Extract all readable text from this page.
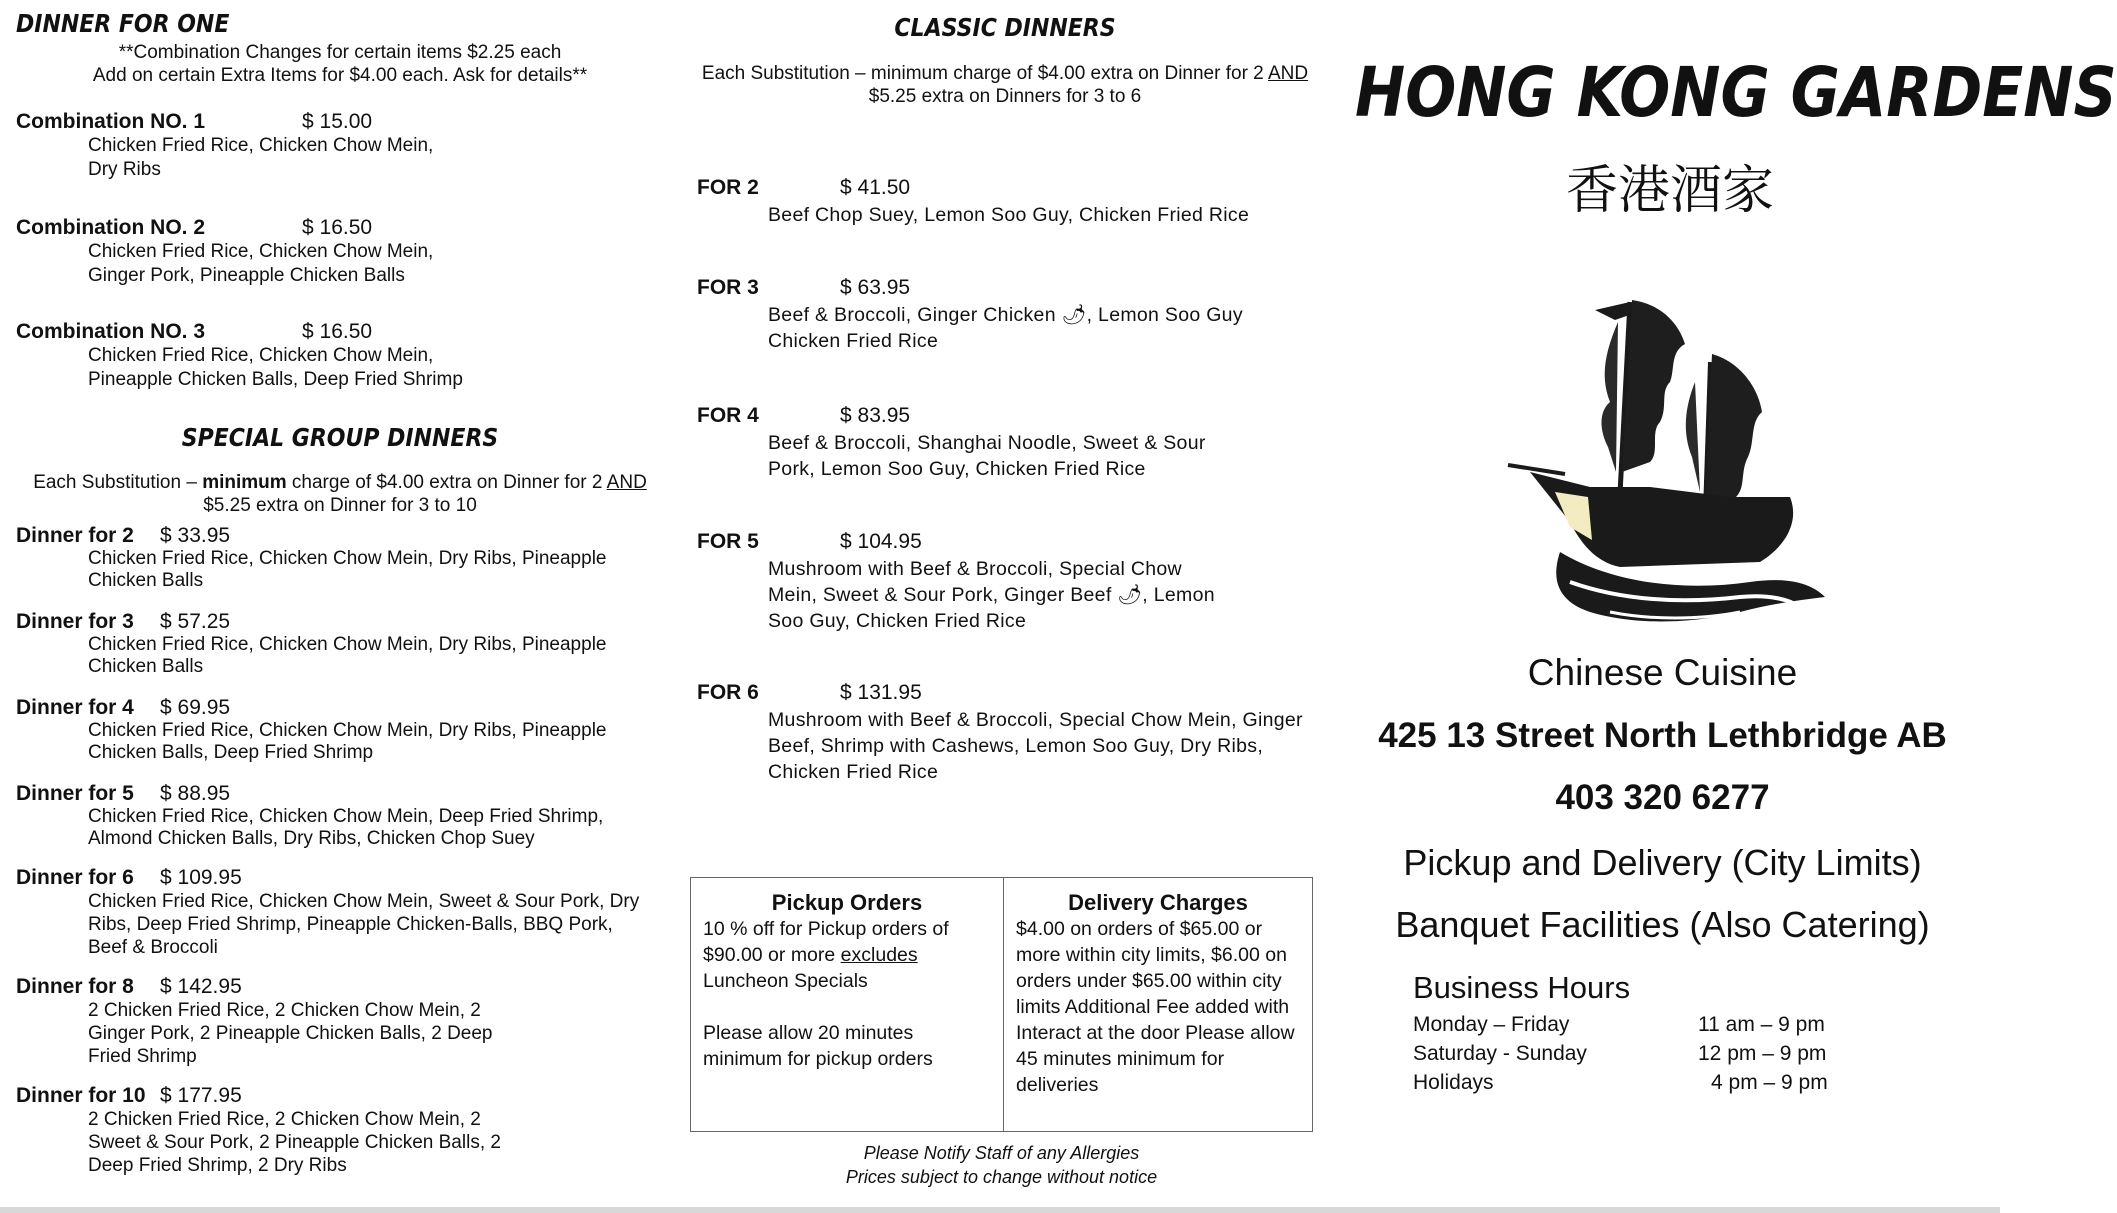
DINNER FOR ONE
**Combination Changes for certain items $2.25 each
Add on certain Extra Items for $4.00 each. Ask for details**
Combination NO. 1	$ 15.00
Chicken Fried Rice, Chicken Chow Mein, Dry Ribs
Combination NO. 2	$ 16.50
Chicken Fried Rice, Chicken Chow Mein, Ginger Pork, Pineapple Chicken Balls
Combination NO. 3	$ 16.50
Chicken Fried Rice, Chicken Chow Mein, Pineapple Chicken Balls, Deep Fried Shrimp
SPECIAL GROUP DINNERS
Each Substitution – minimum charge of $4.00 extra on Dinner for 2 AND
$5.25 extra on Dinner for 3 to 10
Dinner for 2 $ 33.95
Chicken Fried Rice, Chicken Chow Mein, Dry Ribs, Pineapple Chicken Balls
Dinner for 3 $ 57.25
Chicken Fried Rice, Chicken Chow Mein, Dry Ribs, Pineapple Chicken Balls
Dinner for 4 $ 69.95
Chicken Fried Rice, Chicken Chow Mein, Dry Ribs, Pineapple Chicken Balls, Deep Fried Shrimp
Dinner for 5 $ 88.95
Chicken Fried Rice, Chicken Chow Mein, Deep Fried Shrimp, Almond Chicken Balls, Dry Ribs, Chicken Chop Suey
Dinner for 6 $ 109.95
Chicken Fried Rice, Chicken Chow Mein, Sweet & Sour Pork, Dry Ribs, Deep Fried Shrimp, Pineapple Chicken-Balls, BBQ Pork, Beef & Broccoli
Dinner for 8 $ 142.95
2 Chicken Fried Rice, 2 Chicken Chow Mein, 2 Ginger Pork, 2 Pineapple Chicken Balls, 2 Deep Fried Shrimp
Dinner for 10 $ 177.95
2 Chicken Fried Rice, 2 Chicken Chow Mein, 2 Sweet & Sour Pork, 2 Pineapple Chicken Balls, 2 Deep Fried Shrimp, 2 Dry Ribs
CLASSIC DINNERS
Each Substitution – minimum charge of $4.00 extra on Dinner for 2 AND
$5.25 extra on Dinners for 3 to 6
FOR 2	$ 41.50
Beef Chop Suey, Lemon Soo Guy, Chicken Fried Rice
FOR 3	$ 63.95
Beef & Broccoli, Ginger Chicken 🌶, Lemon Soo Guy Chicken Fried Rice
FOR 4	$ 83.95
Beef & Broccoli, Shanghai Noodle, Sweet & Sour Pork, Lemon Soo Guy, Chicken Fried Rice
FOR 5	$ 104.95
Mushroom with Beef & Broccoli, Special Chow Mein, Sweet & Sour Pork, Ginger Beef 🌶, Lemon Soo Guy, Chicken Fried Rice
FOR 6	$ 131.95
Mushroom with Beef & Broccoli, Special Chow Mein, Ginger Beef, Shrimp with Cashews, Lemon Soo Guy, Dry Ribs, Chicken Fried Rice
Pickup Orders

10 % off for Pickup orders of $90.00 or more excludes Luncheon Specials

Please allow 20 minutes minimum for pickup orders

Delivery Charges

$4.00 on orders of $65.00 or more within city limits, $6.00 on orders under $65.00 within city limits Additional Fee added with Interact at the door Please allow 45 minutes minimum for deliveries

Please Notify Staff of any Allergies
Prices subject to change without notice
HONG KONG GARDENS
香港酒家
Chinese Cuisine
425 13 Street North Lethbridge AB
403 320 6277
Pickup and Delivery (City Limits)
Banquet Facilities (Also Catering)
Business Hours
Monday – Friday	11 am – 9 pm
Saturday - Sunday	12 pm – 9 pm
Holidays	4 pm – 9 pm
